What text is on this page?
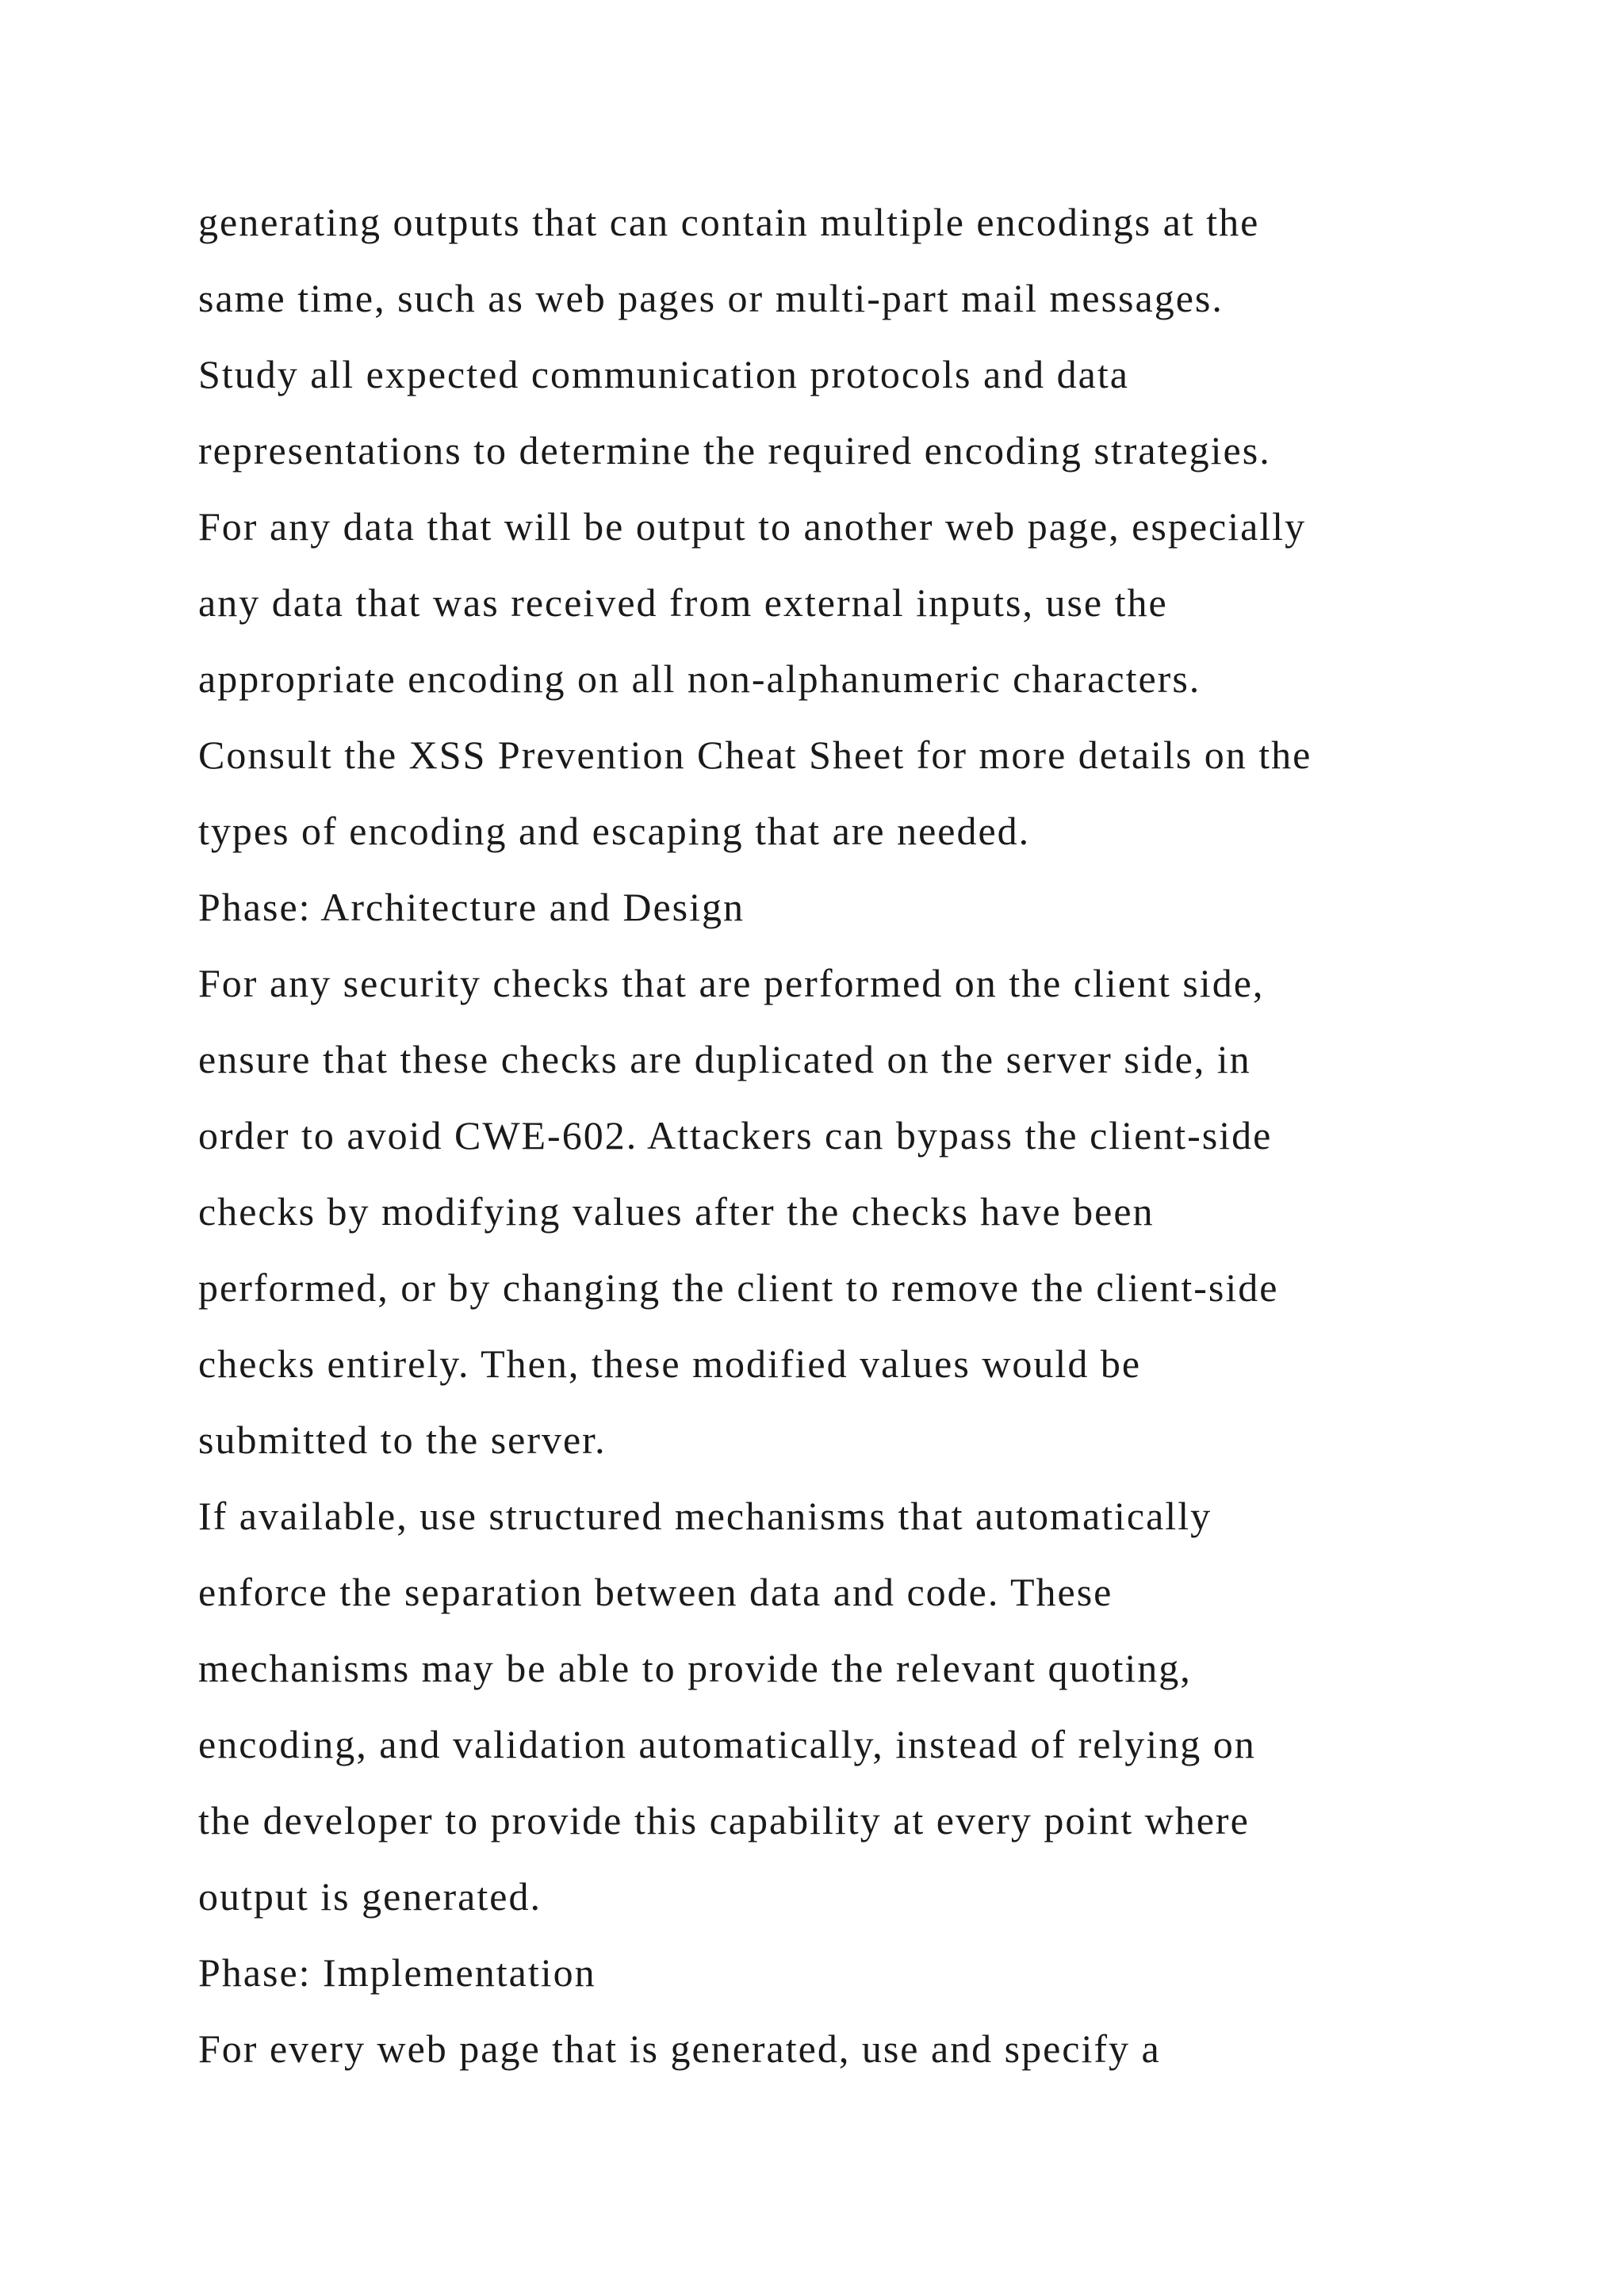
generating outputs that can contain multiple encodings at the
same time, such as web pages or multi-part mail messages.
Study all expected communication protocols and data
representations to determine the required encoding strategies.
For any data that will be output to another web page, especially
any data that was received from external inputs, use the
appropriate encoding on all non-alphanumeric characters.
Consult the XSS Prevention Cheat Sheet for more details on the
types of encoding and escaping that are needed.
Phase: Architecture and Design
For any security checks that are performed on the client side,
ensure that these checks are duplicated on the server side, in
order to avoid CWE-602. Attackers can bypass the client-side
checks by modifying values after the checks have been
performed, or by changing the client to remove the client-side
checks entirely. Then, these modified values would be
submitted to the server.
If available, use structured mechanisms that automatically
enforce the separation between data and code. These
mechanisms may be able to provide the relevant quoting,
encoding, and validation automatically, instead of relying on
the developer to provide this capability at every point where
output is generated.
Phase: Implementation
For every web page that is generated, use and specify a
